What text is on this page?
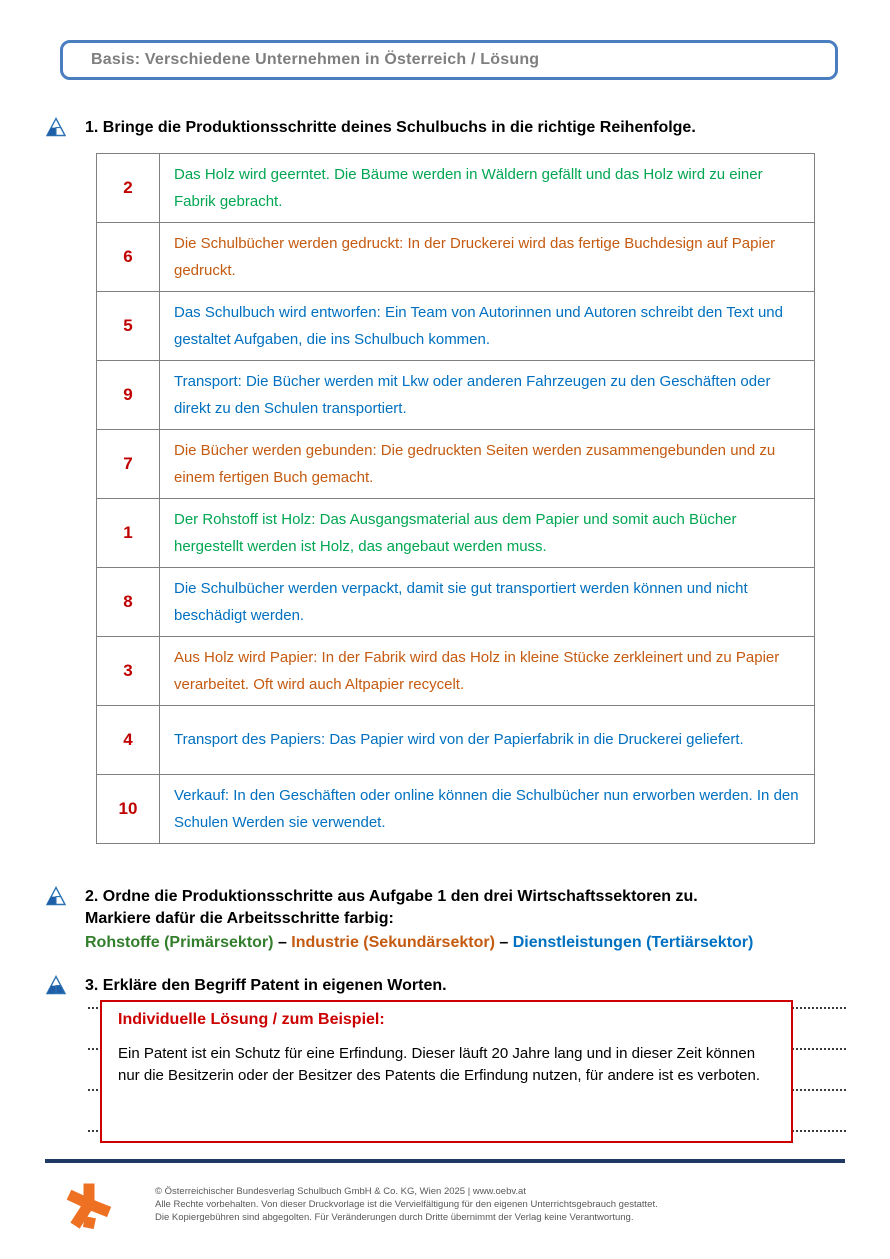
Basis: Verschiedene Unternehmen in Österreich / Lösung
1. Bringe die Produktionsschritte deines Schulbuchs in die richtige Reihenfolge.
2	Das Holz wird geerntet. Die Bäume werden in Wäldern gefällt und das Holz wird zu einer Fabrik gebracht.
6	Die Schulbücher werden gedruckt: In der Druckerei wird das fertige Buchdesign auf Papier gedruckt.
5	Das Schulbuch wird entworfen: Ein Team von Autorinnen und Autoren schreibt den Text und gestaltet Aufgaben, die ins Schulbuch kommen.
9	Transport: Die Bücher werden mit Lkw oder anderen Fahrzeugen zu den Geschäften oder direkt zu den Schulen transportiert.
7	Die Bücher werden gebunden: Die gedruckten Seiten werden zusammengebunden und zu einem fertigen Buch gemacht.
1	Der Rohstoff ist Holz: Das Ausgangsmaterial aus dem Papier und somit auch Bücher hergestellt werden ist Holz, das angebaut werden muss.
8	Die Schulbücher werden verpackt, damit sie gut transportiert werden können und nicht beschädigt werden.
3	Aus Holz wird Papier: In der Fabrik wird das Holz in kleine Stücke zerkleinert und zu Papier verarbeitet. Oft wird auch Altpapier recycelt.
4	Transport des Papiers: Das Papier wird von der Papierfabrik in die Druckerei geliefert.
10	Verkauf: In den Geschäften oder online können die Schulbücher nun erworben werden. In den Schulen Werden sie verwendet.
2. Ordne die Produktionsschritte aus Aufgabe 1 den drei Wirtschaftssektoren zu.
Markiere dafür die Arbeitsschritte farbig:
Rohstoffe (Primärsektor) – Industrie (Sekundärsektor) – Dienstleistungen (Tertiärsektor)
3. Erkläre den Begriff Patent in eigenen Worten.
Individuelle Lösung / zum Beispiel:
Ein Patent ist ein Schutz für eine Erfindung. Dieser läuft 20 Jahre lang und in dieser Zeit können nur die Besitzerin oder der Besitzer des Patents die Erfindung nutzen, für andere ist es verboten.
© Österreichischer Bundesverlag Schulbuch GmbH & Co. KG, Wien 2025 | www.oebv.at
Alle Rechte vorbehalten. Von dieser Druckvorlage ist die Vervielfältigung für den eigenen Unterrichtsgebrauch gestattet.
Die Kopiergebühren sind abgegolten. Für Veränderungen durch Dritte übernimmt der Verlag keine Verantwortung.
